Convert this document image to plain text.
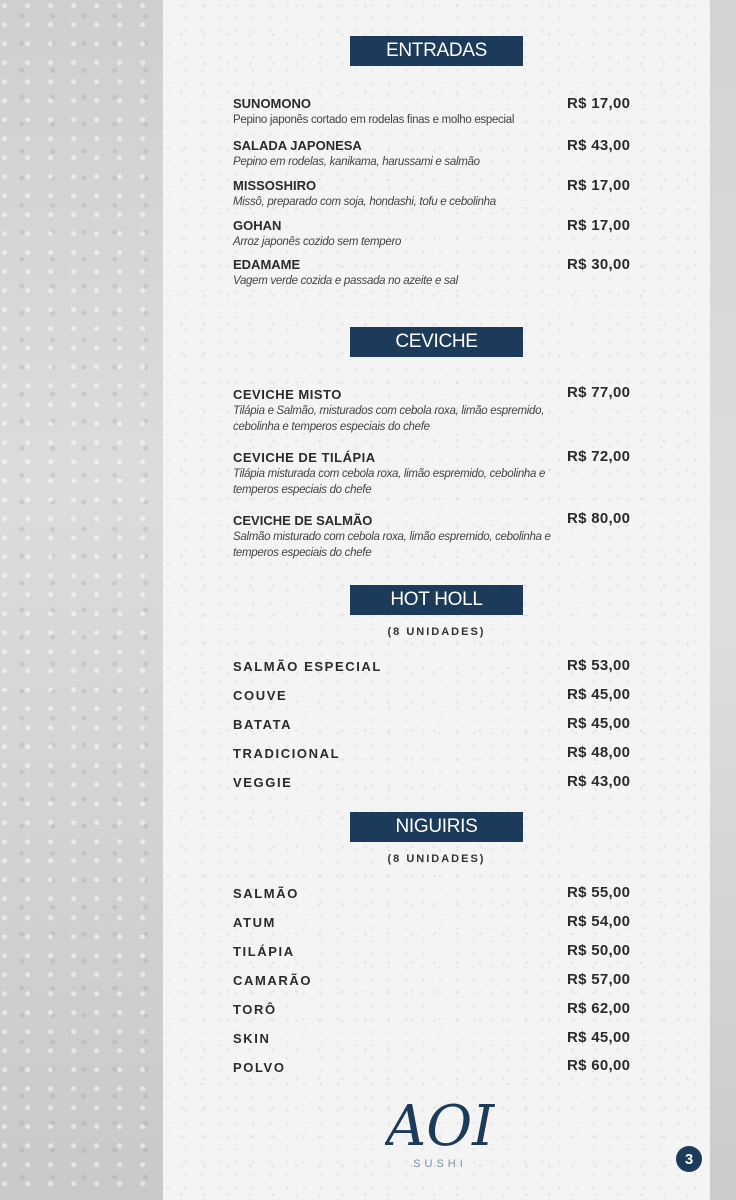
ENTRADAS
SUNOMONO	R$ 17,00
Pepino japonês cortado em rodelas finas e molho especial
SALADA JAPONESA	R$ 43,00
Pepino em rodelas, kanikama, harussami e salmão
MISSOSHIRO	R$ 17,00
Missô, preparado com soja, hondashi, tofu e cebolinha
GOHAN	R$ 17,00
Arroz japonês cozido sem tempero
EDAMAME	R$ 30,00
Vagem verde cozida e passada no azeite e sal
CEVICHE
CEVICHE MISTO	R$ 77,00
Tilápia e Salmão, misturados com cebola roxa, limão espremido, cebolinha e temperos especiais do chefe
CEVICHE DE TILÁPIA	R$ 72,00
Tilápia misturada com cebola roxa, limão espremido, cebolinha e temperos especiais do chefe
CEVICHE DE SALMÃO	R$ 80,00
Salmão misturado com cebola roxa, limão espremido, cebolinha e temperos especiais do chefe
HOT HOLL
(8 UNIDADES)
SALMÃO ESPECIAL	R$ 53,00
COUVE	R$ 45,00
BATATA	R$ 45,00
TRADICIONAL	R$ 48,00
VEGGIE	R$ 43,00
NIGUIRIS
(8 UNIDADES)
SALMÃO	R$ 55,00
ATUM	R$ 54,00
TILÁPIA	R$ 50,00
CAMARÃO	R$ 57,00
TORÔ	R$ 62,00
SKIN	R$ 45,00
POLVO	R$ 60,00
AOI
SUSHI	3
